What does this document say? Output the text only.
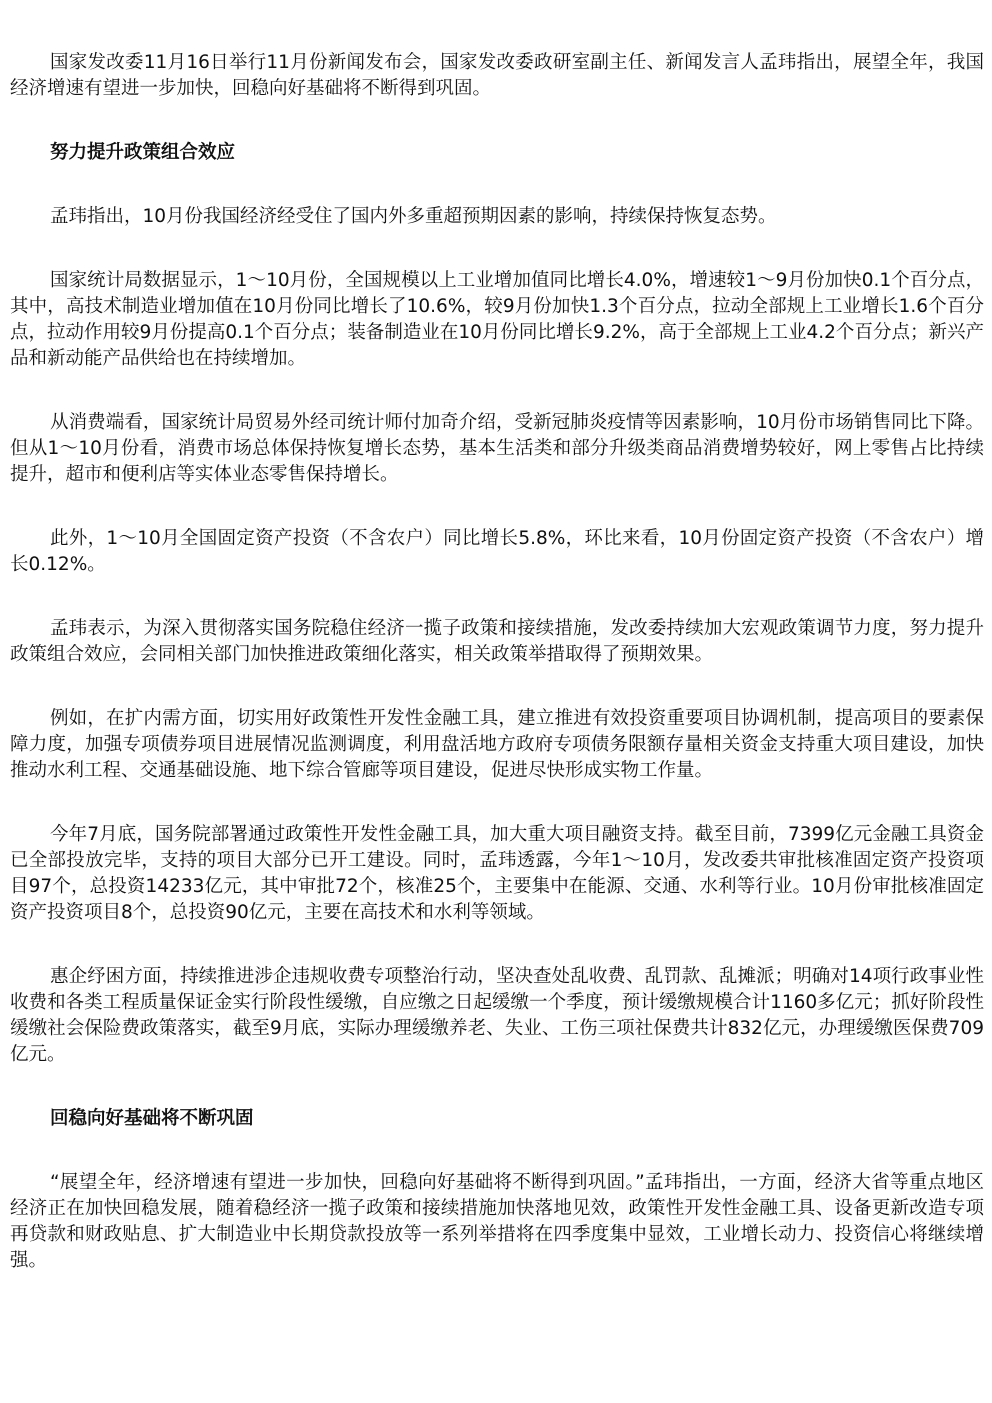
国家发改委11月16日举行11月份新闻发布会，国家发改委政研室副主任、新闻发言人孟玮指出，展望全年，我国经济增速有望进一步加快，回稳向好基础将不断得到巩固。

努力提升政策组合效应

孟玮指出，10月份我国经济经受住了国内外多重超预期因素的影响，持续保持恢复态势。

国家统计局数据显示，1～10月份，全国规模以上工业增加值同比增长4.0%，增速较1～9月份加快0.1个百分点，其中，高技术制造业增加值在10月份同比增长了10.6%，较9月份加快1.3个百分点，拉动全部规上工业增长1.6个百分点，拉动作用较9月份提高0.1个百分点；装备制造业在10月份同比增长9.2%，高于全部规上工业4.2个百分点；新兴产品和新动能产品供给也在持续增加。

从消费端看，国家统计局贸易外经司统计师付加奇介绍，受新冠肺炎疫情等因素影响，10月份市场销售同比下降。但从1～10月份看，消费市场总体保持恢复增长态势，基本生活类和部分升级类商品消费增势较好，网上零售占比持续提升，超市和便利店等实体业态零售保持增长。

此外，1～10月全国固定资产投资（不含农户）同比增长5.8%，环比来看，10月份固定资产投资（不含农户）增长0.12%。

孟玮表示，为深入贯彻落实国务院稳住经济一揽子政策和接续措施，发改委持续加大宏观政策调节力度，努力提升政策组合效应，会同相关部门加快推进政策细化落实，相关政策举措取得了预期效果。

例如，在扩内需方面，切实用好政策性开发性金融工具，建立推进有效投资重要项目协调机制，提高项目的要素保障力度，加强专项债券项目进展情况监测调度，利用盘活地方政府专项债务限额存量相关资金支持重大项目建设，加快推动水利工程、交通基础设施、地下综合管廊等项目建设，促进尽快形成实物工作量。

今年7月底，国务院部署通过政策性开发性金融工具，加大重大项目融资支持。截至目前，7399亿元金融工具资金已全部投放完毕，支持的项目大部分已开工建设。同时，孟玮透露，今年1～10月，发改委共审批核准固定资产投资项目97个，总投资14233亿元，其中审批72个，核准25个，主要集中在能源、交通、水利等行业。10月份审批核准固定资产投资项目8个，总投资90亿元，主要在高技术和水利等领域。

惠企纾困方面，持续推进涉企违规收费专项整治行动，坚决查处乱收费、乱罚款、乱摊派；明确对14项行政事业性收费和各类工程质量保证金实行阶段性缓缴，自应缴之日起缓缴一个季度，预计缓缴规模合计1160多亿元；抓好阶段性缓缴社会保险费政策落实，截至9月底，实际办理缓缴养老、失业、工伤三项社保费共计832亿元，办理缓缴医保费709亿元。

回稳向好基础将不断巩固

“展望全年，经济增速有望进一步加快，回稳向好基础将不断得到巩固。”孟玮指出，一方面，经济大省等重点地区经济正在加快回稳发展，随着稳经济一揽子政策和接续措施加快落地见效，政策性开发性金融工具、设备更新改造专项再贷款和财政贴息、扩大制造业中长期贷款投放等一系列举措将在四季度集中显效，工业增长动力、投资信心将继续增强。
